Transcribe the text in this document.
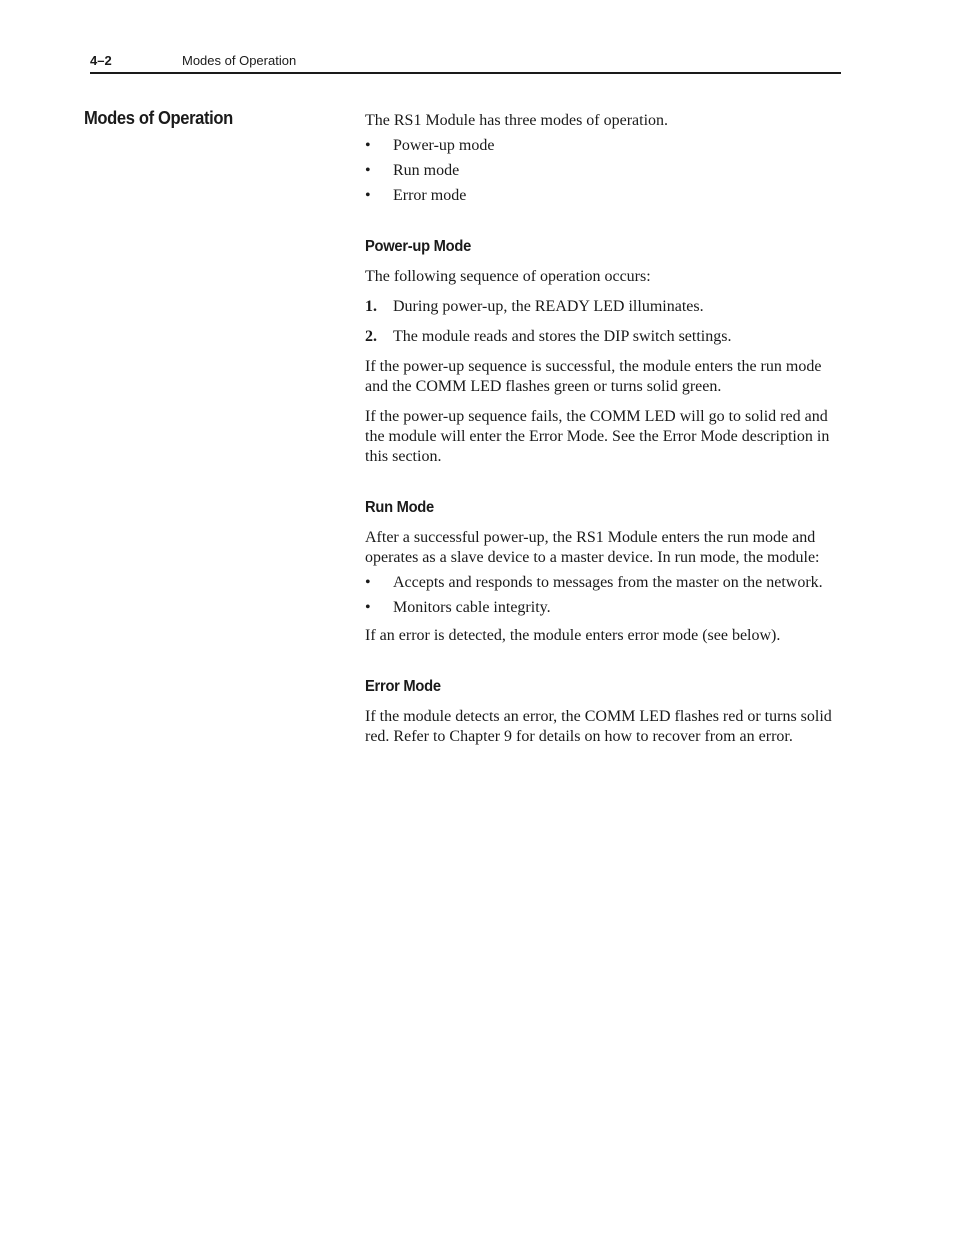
4–2	Modes of Operation
Modes of Operation	The RS1 Module has three modes of operation.

• Power-up mode
• Run mode
• Error mode
Power-up Mode

The following sequence of operation occurs:

1. During power-up, the READY LED illuminates.
2. The module reads and stores the DIP switch settings.

If the power-up sequence is successful, the module enters the run mode and the COMM LED flashes green or turns solid green.

If the power-up sequence fails, the COMM LED will go to solid red and the module will enter the Error Mode. See the Error Mode description in this section.

Run Mode

After a successful power-up, the RS1 Module enters the run mode and operates as a slave device to a master device. In run mode, the module:

• Accepts and responds to messages from the master on the network.
• Monitors cable integrity.

If an error is detected, the module enters error mode (see below).

Error Mode

If the module detects an error, the COMM LED flashes red or turns solid red. Refer to Chapter 9 for details on how to recover from an error.
